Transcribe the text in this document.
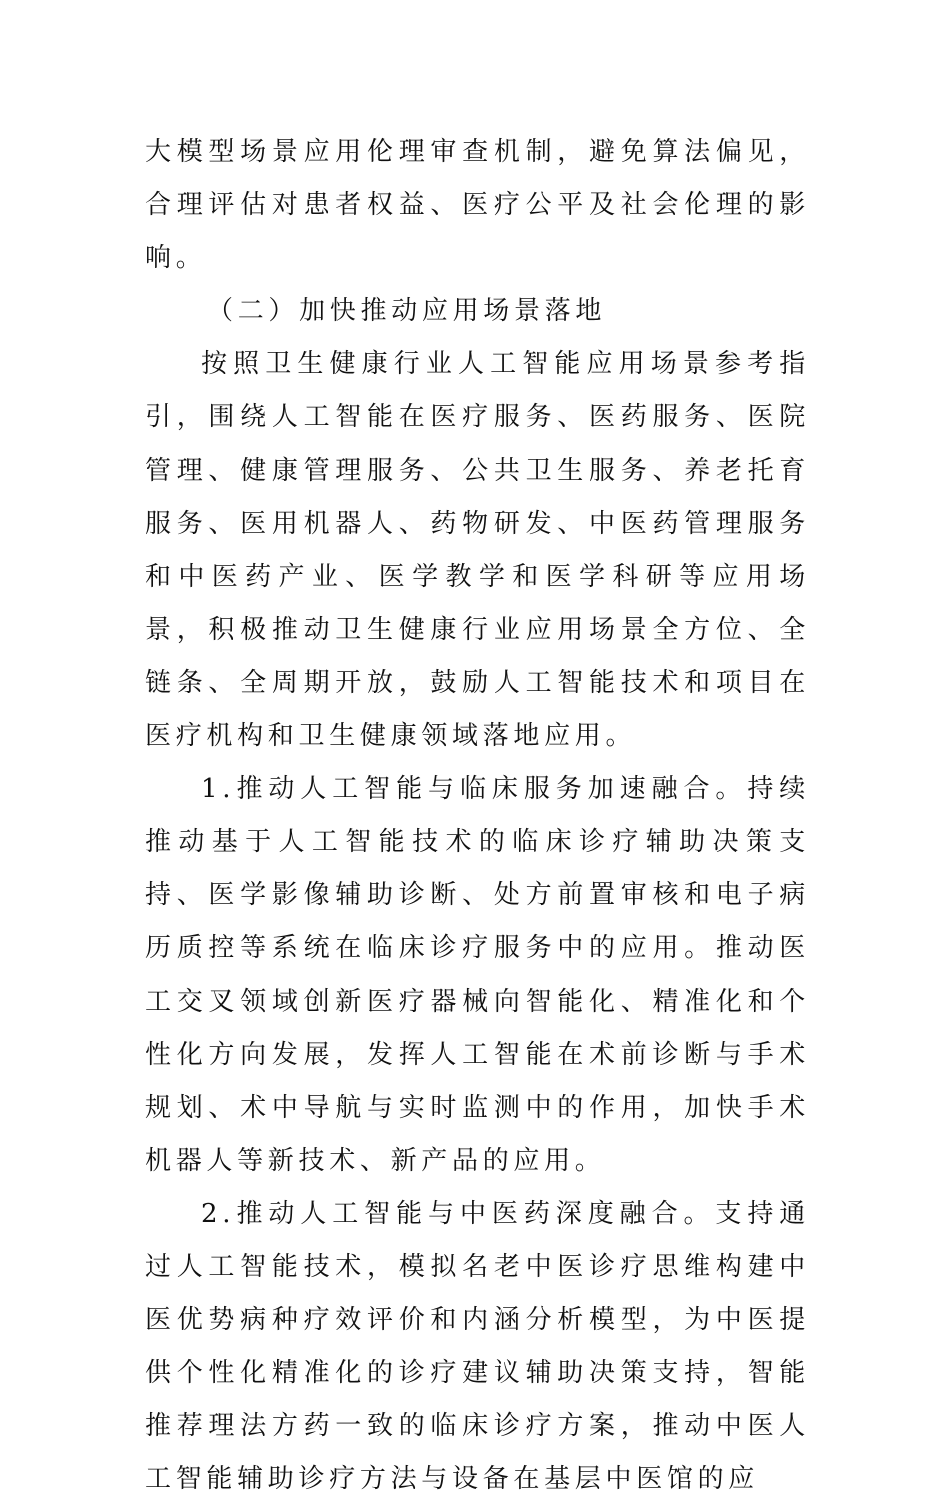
大模型场景应用伦理审查机制，避免算法偏见，合理评估对患者权益、医疗公平及社会伦理的影响。

（二）加快推动应用场景落地

按照卫生健康行业人工智能应用场景参考指引，围绕人工智能在医疗服务、医药服务、医院管理、健康管理服务、公共卫生服务、养老托育服务、医用机器人、药物研发、中医药管理服务和中医药产业、医学教学和医学科研等应用场景，积极推动卫生健康行业应用场景全方位、全链条、全周期开放，鼓励人工智能技术和项目在医疗机构和卫生健康领域落地应用。

1.推动人工智能与临床服务加速融合。持续推动基于人工智能技术的临床诊疗辅助决策支持、医学影像辅助诊断、处方前置审核和电子病历质控等系统在临床诊疗服务中的应用。推动医工交叉领域创新医疗器械向智能化、精准化和个性化方向发展，发挥人工智能在术前诊断与手术规划、术中导航与实时监测中的作用，加快手术机器人等新技术、新产品的应用。

2.推动人工智能与中医药深度融合。支持通过人工智能技术，模拟名老中医诊疗思维构建中医优势病种疗效评价和内涵分析模型，为中医提供个性化精准化的诊疗建议辅助决策支持，智能推荐理法方药一致的临床诊疗方案，推动中医人工智能辅助诊疗方法与设备在基层中医馆的应
